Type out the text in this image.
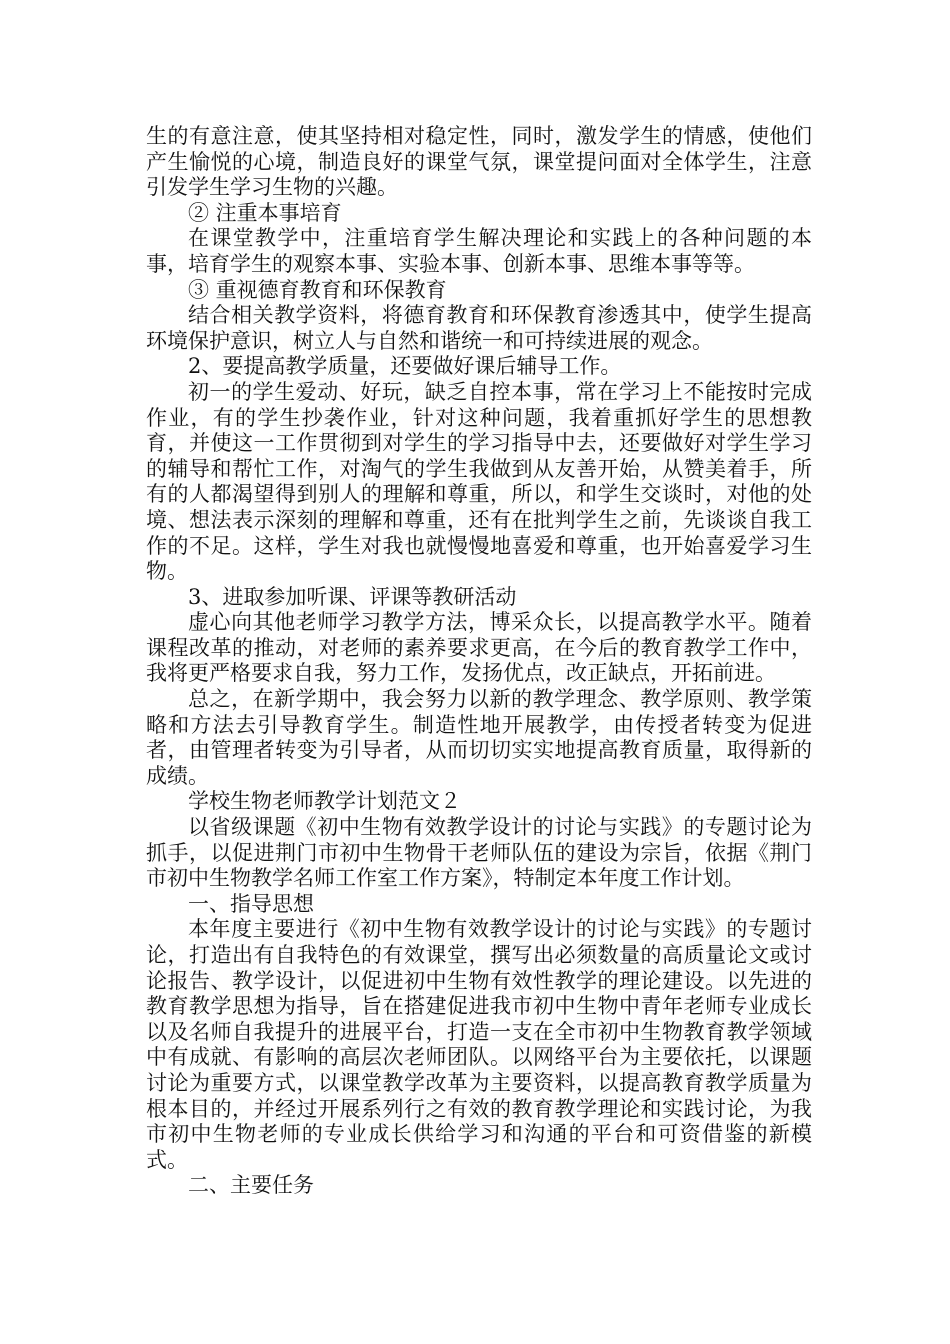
生的有意注意，使其坚持相对稳定性，同时，激发学生的情感，使他们产生愉悦的心境，制造良好的课堂气氛，课堂提问面对全体学生，注意引发学生学习生物的兴趣。

② 注重本事培育

在课堂教学中，注重培育学生解决理论和实践上的各种问题的本事，培育学生的观察本事、实验本事、创新本事、思维本事等等。

③ 重视德育教育和环保教育

结合相关教学资料，将德育教育和环保教育渗透其中，使学生提高环境保护意识，树立人与自然和谐统一和可持续进展的观念。

2、要提高教学质量，还要做好课后辅导工作。

初一的学生爱动、好玩，缺乏自控本事，常在学习上不能按时完成作业，有的学生抄袭作业，针对这种问题，我着重抓好学生的思想教育，并使这一工作贯彻到对学生的学习指导中去，还要做好对学生学习的辅导和帮忙工作，对淘气的学生我做到从友善开始，从赞美着手，所有的人都渴望得到别人的理解和尊重，所以，和学生交谈时，对他的处境、想法表示深刻的理解和尊重，还有在批判学生之前，先谈谈自我工作的不足。这样，学生对我也就慢慢地喜爱和尊重，也开始喜爱学习生物。

3、进取参加听课、评课等教研活动

虚心向其他老师学习教学方法，博采众长，以提高教学水平。随着课程改革的推动，对老师的素养要求更高，在今后的教育教学工作中，我将更严格要求自我，努力工作，发扬优点，改正缺点，开拓前进。

总之，在新学期中，我会努力以新的教学理念、教学原则、教学策略和方法去引导教育学生。制造性地开展教学，由传授者转变为促进者，由管理者转变为引导者，从而切切实实地提高教育质量，取得新的成绩。

学校生物老师教学计划范文２

以省级课题《初中生物有效教学设计的讨论与实践》的专题讨论为抓手，以促进荆门市初中生物骨干老师队伍的建设为宗旨，依据《荆门市初中生物教学名师工作室工作方案》，特制定本年度工作计划。

一、指导思想

本年度主要进行《初中生物有效教学设计的讨论与实践》的专题讨论，打造出有自我特色的有效课堂，撰写出必须数量的高质量论文或讨论报告、教学设计，以促进初中生物有效性教学的理论建设。以先进的教育教学思想为指导，旨在搭建促进我市初中生物中青年老师专业成长以及名师自我提升的进展平台，打造一支在全市初中生物教育教学领域中有成就、有影响的高层次老师团队。以网络平台为主要依托，以课题讨论为重要方式，以课堂教学改革为主要资料，以提高教育教学质量为根本目的，并经过开展系列行之有效的教育教学理论和实践讨论，为我市初中生物老师的专业成长供给学习和沟通的平台和可资借鉴的新模式。

二、主要任务
